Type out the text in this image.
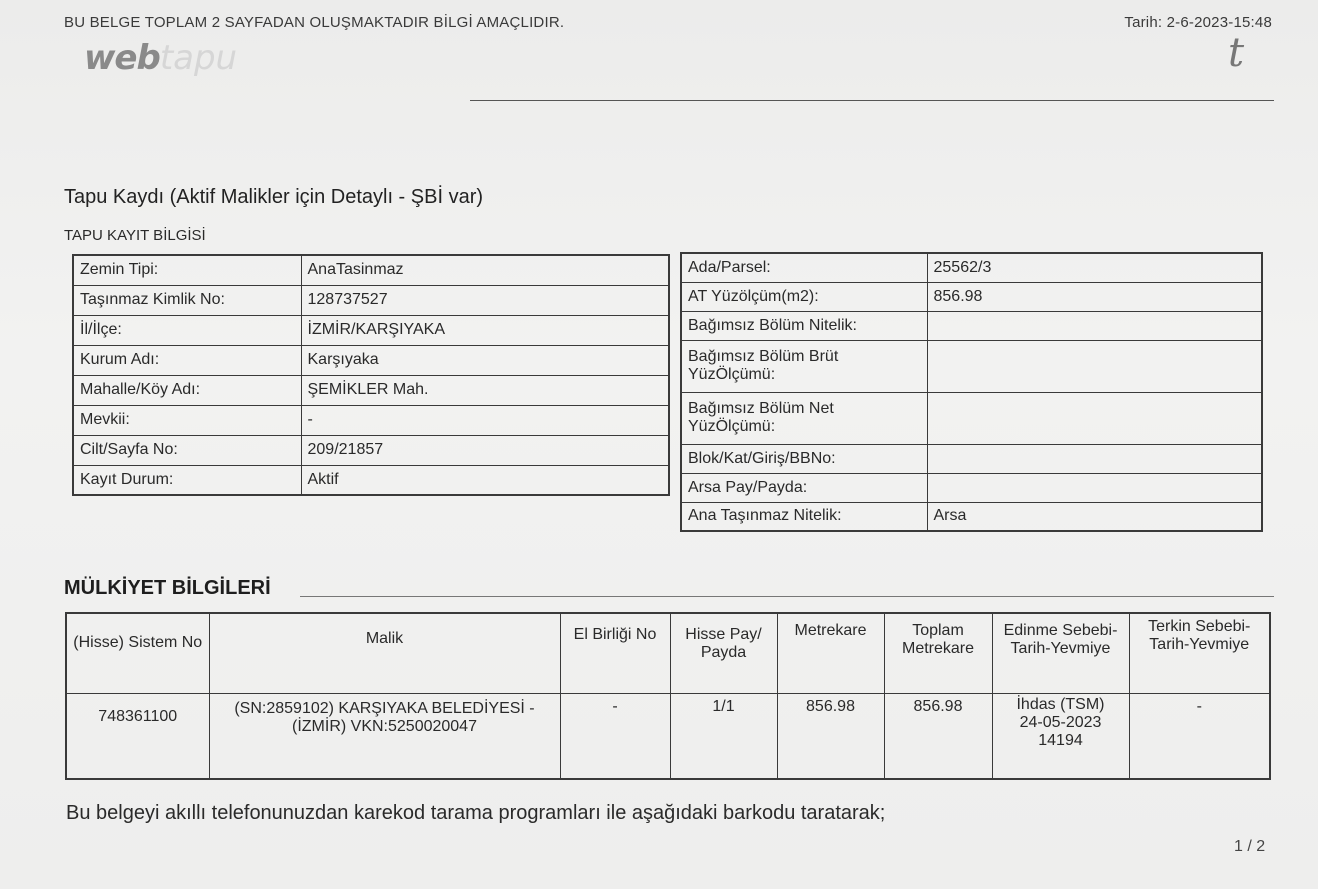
BU BELGE TOPLAM 2 SAYFADAN OLUŞMAKTADIR BİLGİ AMAÇLIDIR.	Tarih: 2-6-2023-15:48
webtapu	t
Tapu Kaydı (Aktif Malikler için Detaylı - ŞBİ var)
TAPU KAYIT BİLGİSİ
Zemin Tipi:	AnaTasinmaz
Taşınmaz Kimlik No:	128737527
İl/İlçe:	İZMİR/KARŞIYAKA
Kurum Adı:	Karşıyaka
Mahalle/Köy Adı:	ŞEMİKLER Mah.
Mevkii:	-
Cilt/Sayfa No:	209/21857
Kayıt Durum:	Aktif
Ada/Parsel:	25562/3
AT Yüzölçüm(m2):	856.98
Bağımsız Bölüm Nitelik:	
Bağımsız Bölüm Brüt YüzÖlçümü:	
Bağımsız Bölüm Net YüzÖlçümü:	
Blok/Kat/Giriş/BBNo:	
Arsa Pay/Payda:	
Ana Taşınmaz Nitelik:	Arsa
MÜLKİYET BİLGİLERİ
(Hisse) Sistem No	Malik	El Birliği No	Hisse Pay/ Payda	Metrekare	Toplam Metrekare	Edinme Sebebi-Tarih-Yevmiye	Terkin Sebebi-Tarih-Yevmiye
748361100	(SN:2859102) KARŞIYAKA BELEDİYESİ - (İZMİR) VKN:5250020047	-	1/1	856.98	856.98	İhdas (TSM) 24-05-2023 14194	-
Bu belgeyi akıllı telefonunuzdan karekod tarama programları ile aşağıdaki barkodu taratarak;
1 / 2
